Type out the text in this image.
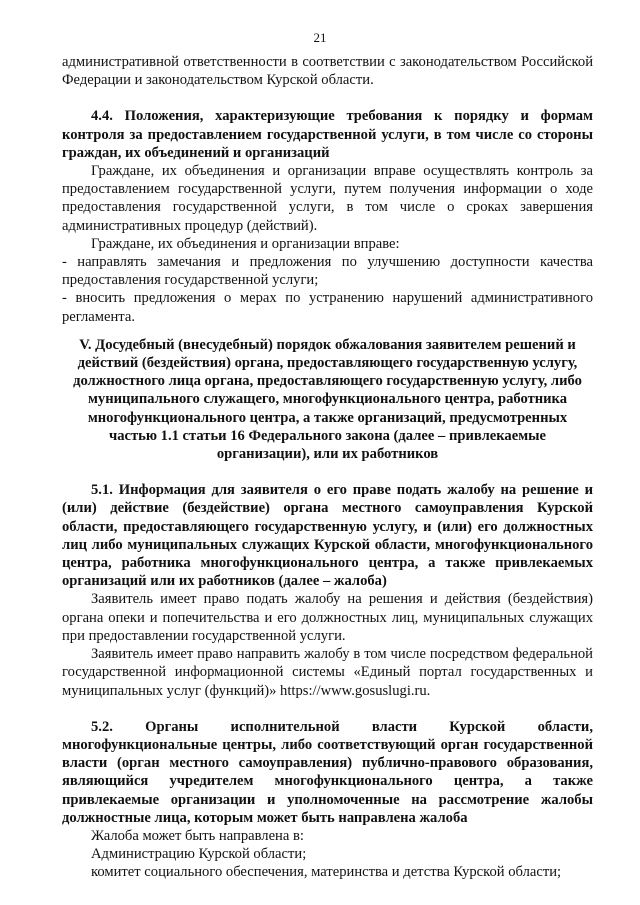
21

административной ответственности в соответствии с законодательством Российской Федерации и законодательством Курской области.

4.4. Положения, характеризующие требования к порядку и формам контроля за предоставлением государственной услуги, в том числе со стороны граждан, их объединений и организаций

Граждане, их объединения и организации вправе осуществлять контроль за предоставлением государственной услуги, путем получения информации о ходе предоставления государственной услуги, в том числе о сроках завершения административных процедур (действий).

Граждане, их объединения и организации вправе:

- направлять замечания и предложения по улучшению доступности качества предоставления государственной услуги;

- вносить предложения о мерах по устранению нарушений административного регламента.

V. Досудебный (внесудебный) порядок обжалования заявителем решений и действий (бездействия) органа, предоставляющего государственную услугу, должностного лица органа, предоставляющего государственную услугу, либо муниципального служащего, многофункционального центра, работника многофункционального центра, а также организаций, предусмотренных частью 1.1 статьи 16 Федерального закона (далее – привлекаемые организации), или их работников

5.1. Информация для заявителя о его праве подать жалобу на решение и (или) действие (бездействие) органа местного самоуправления Курской области, предоставляющего государственную услугу, и (или) его должностных лиц либо муниципальных служащих Курской области, многофункционального центра, работника многофункционального центра, а также привлекаемых организаций или их работников (далее – жалоба)

Заявитель имеет право подать жалобу на решения и действия (бездействия) органа опеки и попечительства и его должностных лиц, муниципальных служащих при предоставлении государственной услуги.

Заявитель имеет право направить жалобу в том числе посредством федеральной государственной информационной системы «Единый портал государственных и муниципальных услуг (функций)» https://www.gosuslugi.ru.

5.2. Органы исполнительной власти Курской области, многофункциональные центры, либо соответствующий орган государственной власти (орган местного самоуправления) публично-правового образования, являющийся учредителем многофункционального центра, а также привлекаемые организации и уполномоченные на рассмотрение жалобы должностные лица, которым может быть направлена жалоба

Жалоба может быть направлена в:

Администрацию Курской области;

комитет социального обеспечения, материнства и детства Курской области;
